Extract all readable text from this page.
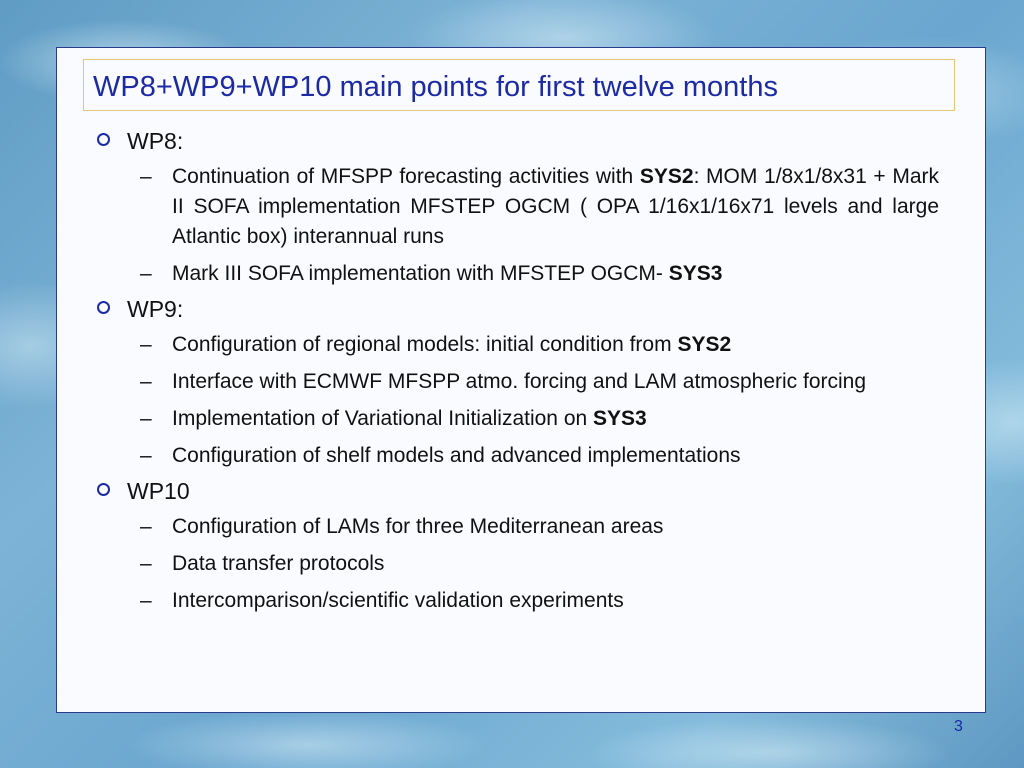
WP8+WP9+WP10 main points for first twelve months
WP8:
– Continuation of MFSPP forecasting activities with SYS2: MOM 1/8x1/8x31 + Mark II SOFA implementation MFSTEP OGCM ( OPA 1/16x1/16x71 levels and large Atlantic box) interannual runs
– Mark III SOFA implementation with MFSTEP OGCM- SYS3
WP9:
– Configuration of regional models: initial condition from SYS2
– Interface with ECMWF MFSPP atmo. forcing and LAM atmospheric forcing
– Implementation of Variational Initialization on SYS3
– Configuration of shelf models and advanced implementations
WP10
– Configuration of LAMs for three Mediterranean areas
– Data transfer protocols
– Intercomparison/scientific validation experiments
3
